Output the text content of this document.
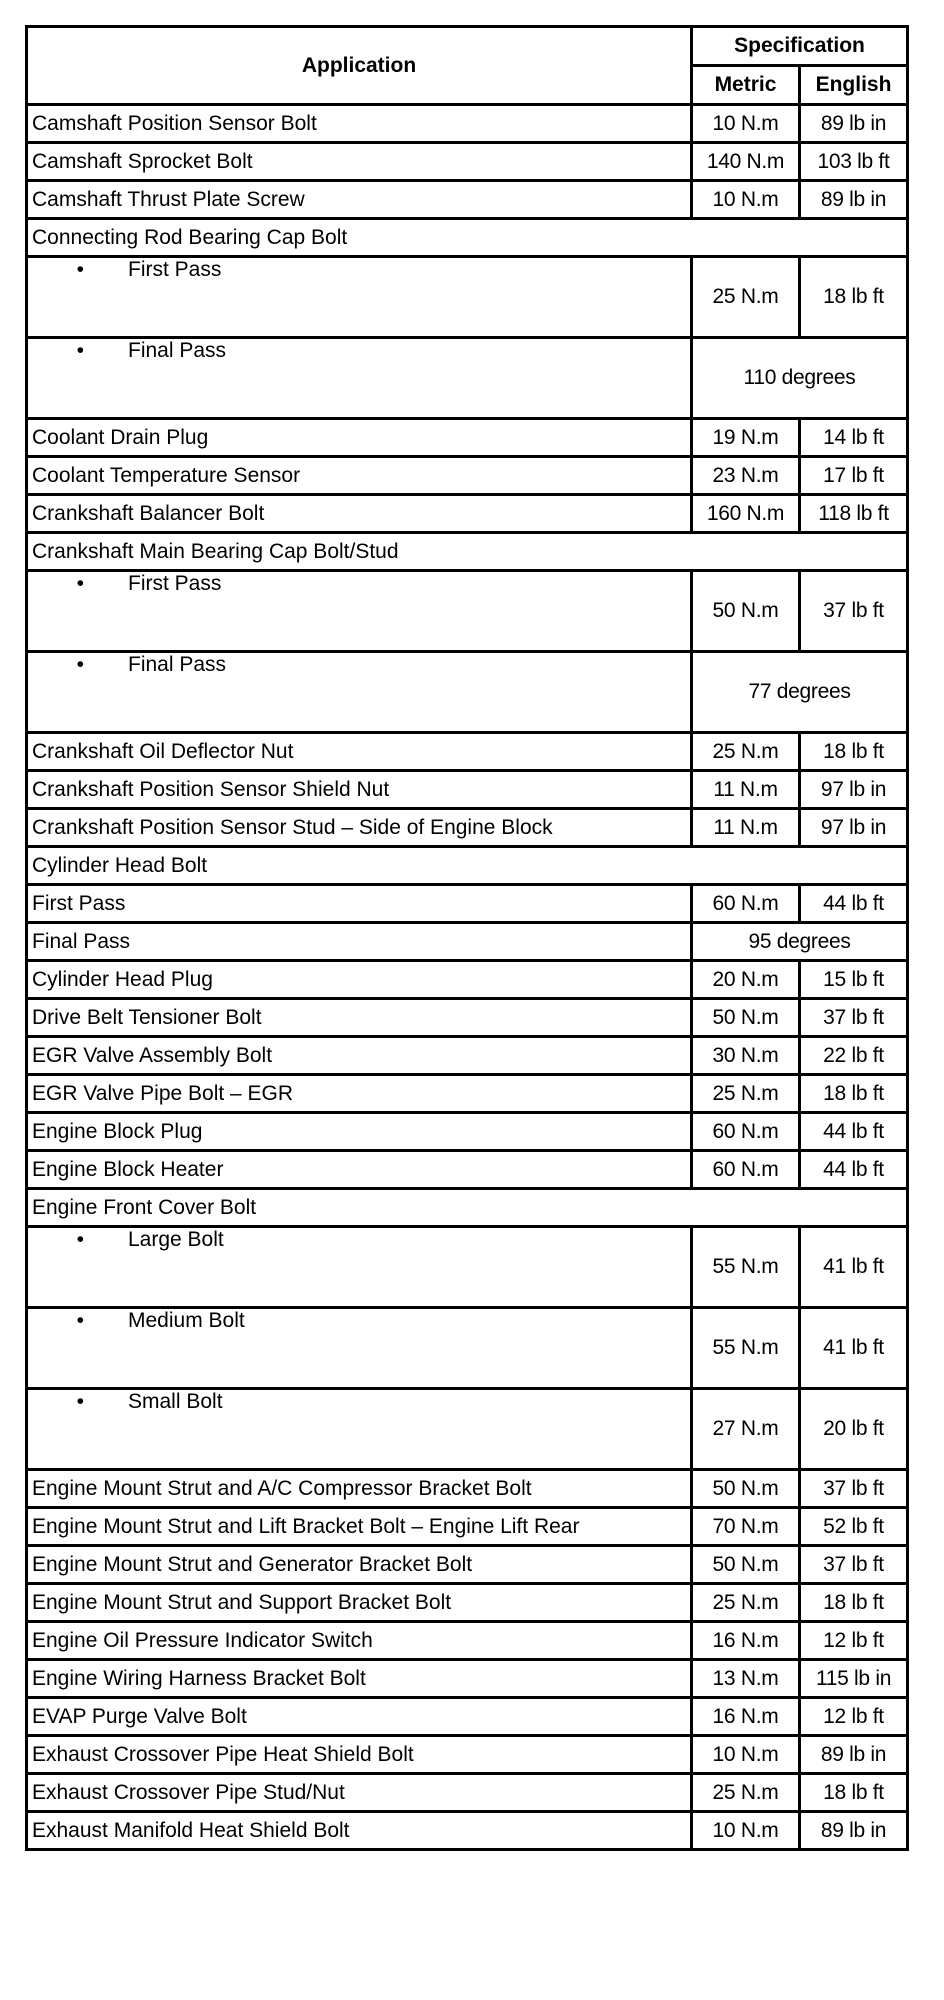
Application	Specification	
	Metric	English
Camshaft Position Sensor Bolt	10 N.m	89 lb in
Camshaft Sprocket Bolt	140 N.m	103 lb ft
Camshaft Thrust Plate Screw	10 N.m	89 lb in
Connecting Rod Bearing Cap Bolt		
• First Pass	25 N.m	18 lb ft
• Final Pass	110 degrees	
Coolant Drain Plug	19 N.m	14 lb ft
Coolant Temperature Sensor	23 N.m	17 lb ft
Crankshaft Balancer Bolt	160 N.m	118 lb ft
Crankshaft Main Bearing Cap Bolt/Stud		
• First Pass	50 N.m	37 lb ft
• Final Pass	77 degrees	
Crankshaft Oil Deflector Nut	25 N.m	18 lb ft
Crankshaft Position Sensor Shield Nut	11 N.m	97 lb in
Crankshaft Position Sensor Stud – Side of Engine Block	11 N.m	97 lb in
Cylinder Head Bolt		
First Pass	60 N.m	44 lb ft
Final Pass	95 degrees	
Cylinder Head Plug	20 N.m	15 lb ft
Drive Belt Tensioner Bolt	50 N.m	37 lb ft
EGR Valve Assembly Bolt	30 N.m	22 lb ft
EGR Valve Pipe Bolt – EGR	25 N.m	18 lb ft
Engine Block Plug	60 N.m	44 lb ft
Engine Block Heater	60 N.m	44 lb ft
Engine Front Cover Bolt		
• Large Bolt	55 N.m	41 lb ft
• Medium Bolt	55 N.m	41 lb ft
• Small Bolt	27 N.m	20 lb ft
Engine Mount Strut and A/C Compressor Bracket Bolt	50 N.m	37 lb ft
Engine Mount Strut and Lift Bracket Bolt – Engine Lift Rear	70 N.m	52 lb ft
Engine Mount Strut and Generator Bracket Bolt	50 N.m	37 lb ft
Engine Mount Strut and Support Bracket Bolt	25 N.m	18 lb ft
Engine Oil Pressure Indicator Switch	16 N.m	12 lb ft
Engine Wiring Harness Bracket Bolt	13 N.m	115 lb in
EVAP Purge Valve Bolt	16 N.m	12 lb ft
Exhaust Crossover Pipe Heat Shield Bolt	10 N.m	89 lb in
Exhaust Crossover Pipe Stud/Nut	25 N.m	18 lb ft
Exhaust Manifold Heat Shield Bolt	10 N.m	89 lb in
